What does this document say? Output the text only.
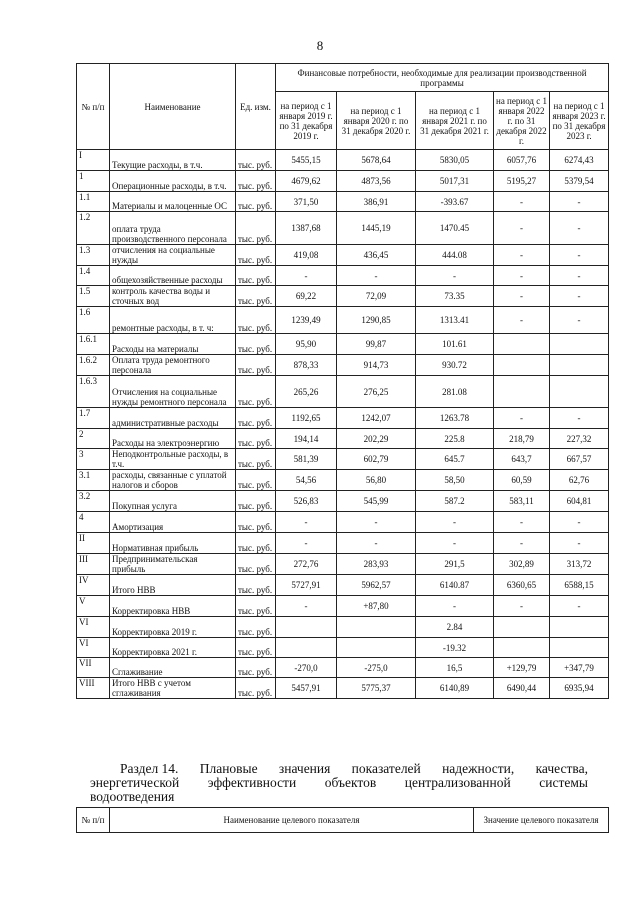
8
№ п/п	Наименование	Ед. изм.	Финансовые потребности, необходимые для реализации производственной программы				
			на период с 1 января 2019 г. по 31 декабря 2019 г.	на период с 1 января 2020 г. по 31 декабря 2020 г.	на период с 1 января 2021 г. по 31 декабря 2021 г.	на период с 1 января 2022 г. по 31 декабря 2022 г.	на период с 1 января 2023 г. по 31 декабря 2023 г.
I	Текущие расходы, в т.ч.	тыс. руб.	5455,15	5678,64	5830,05	6057,76	6274,43
1	Операционные расходы, в т.ч.	тыс. руб.	4679,62	4873,56	5017,31	5195,27	5379,54
1.1	Материалы и малоценные ОС	тыс. руб.	371,50	386,91	-393.67	-	-
1.2	оплата труда производственного персонала	тыс. руб.	1387,68	1445,19	1470.45	-	-
1.3	отчисления на социальные нужды	тыс. руб.	419,08	436,45	444.08	-	-
1.4	общехозяйственные расходы	тыс. руб.	-	-	-	-	-
1.5	контроль качества воды и сточных вод	тыс. руб.	69,22	72,09	73.35	-	-
1.6	ремонтные расходы, в т. ч:	тыс. руб.	1239,49	1290,85	1313.41	-	-
1.6.1	Расходы на материалы	тыс. руб.	95,90	99,87	101.61		
1.6.2	Оплата труда ремонтного персонала	тыс. руб.	878,33	914,73	930.72		
1.6.3	Отчисления на социальные нужды ремонтного персонала	тыс. руб.	265,26	276,25	281.08		
1.7	административные расходы	тыс. руб.	1192,65	1242,07	1263.78	-	-
2	Расходы на электроэнергию	тыс. руб.	194,14	202,29	225.8	218,79	227,32
3	Неподконтрольные расходы, в т.ч.	тыс. руб.	581,39	602,79	645.7	643,7	667,57
3.1	расходы, связанные с уплатой налогов и сборов	тыс. руб.	54,56	56,80	58,50	60,59	62,76
3.2	Покупная услуга	тыс. руб.	526,83	545,99	587.2	583,11	604,81
4	Амортизация	тыс. руб.	-	-	-	-	-
II	Нормативная прибыль	тыс. руб.	-	-	-	-	-
III	Предпринимательская прибыль	тыс. руб.	272,76	283,93	291,5	302,89	313,72
IV	Итого НВВ	тыс. руб.	5727,91	5962,57	6140.87	6360,65	6588,15
V	Корректировка НВВ	тыс. руб.	-	+87,80	-	-	-
VI	Корректировка 2019 г.	тыс. руб.			2.84		
VI	Корректировка 2021 г.	тыс. руб.			-19.32		
VII	Сглаживание	тыс. руб.	-270,0	-275,0	16,5	+129,79	+347,79
VIII	Итого НВВ с учетом сглаживания	тыс. руб.	5457,91	5775,37	6140,89	6490,44	6935,94
Раздел 14. Плановые значения показателей надежности, качества,
энергетической эффективности объектов централизованной системы
водоотведения
№ п/п	Наименование целевого показателя	Значение целевого показателя
